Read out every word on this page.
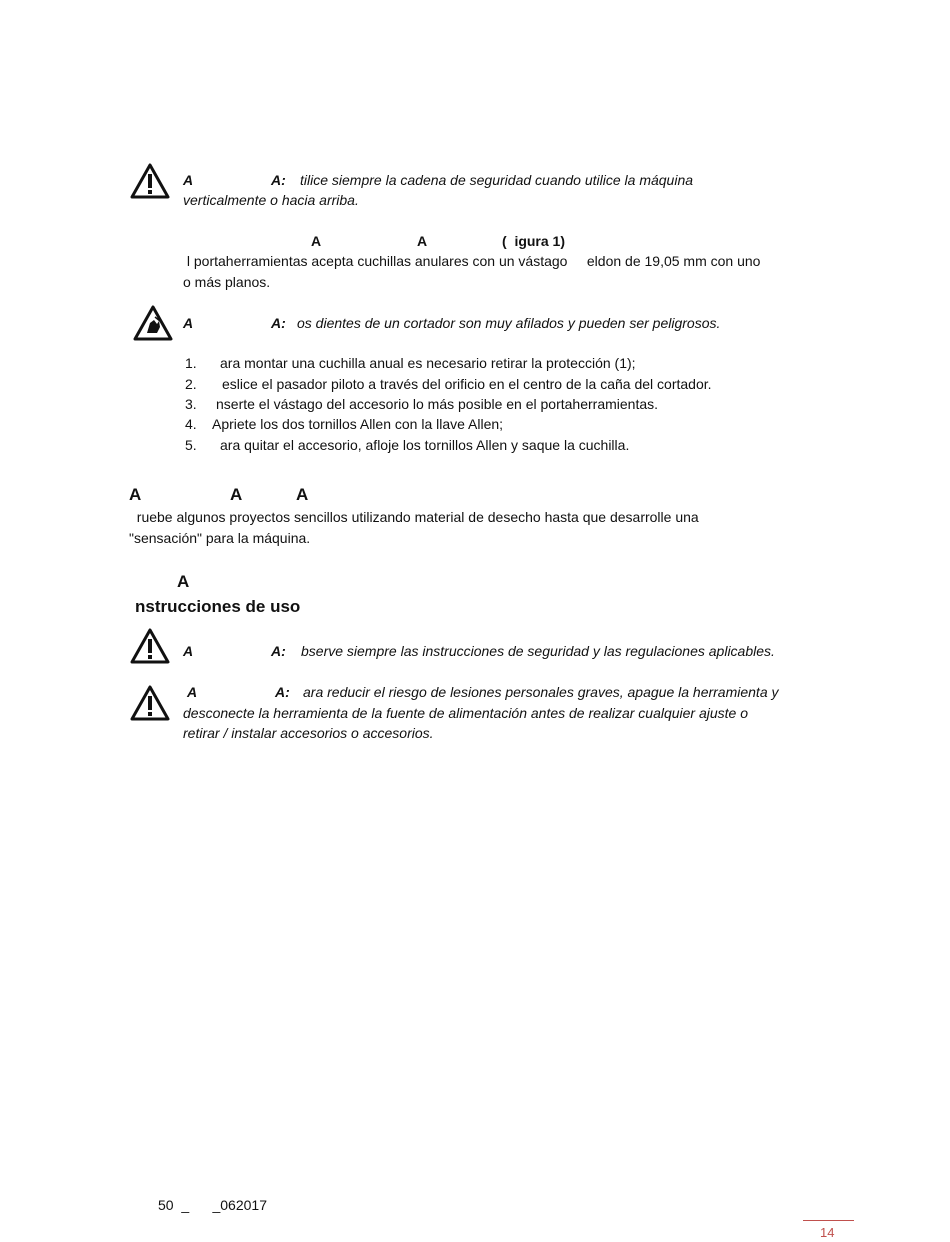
A	A: tilice siempre la cadena de seguridad cuando utilice la máquina
verticalmente o hacia arriba.
A	A	(  igura 1)
l portaherramientas acepta cuchillas anulares con un vástago     eldon de 19,05 mm con uno
o más planos.
A	A: os dientes de un cortador son muy afilados y pueden ser peligrosos.
1. ara montar una cuchilla anual es necesario retirar la protección (1);
2. eslice el pasador piloto a través del orificio en el centro de la caña del cortador.
3. nserte el vástago del accesorio lo más posible en el portaherramientas.
4. Apriete los dos tornillos Allen con la llave Allen;
5. ara quitar el accesorio, afloje los tornillos Allen y saque la cuchilla.
A	A	A
ruebe algunos proyectos sencillos utilizando material de desecho hasta que desarrolle una
"sensación" para la máquina.
A
nstrucciones de uso
A	A: bserve siempre las instrucciones de seguridad y las regulaciones aplicables.
A	A: ara reducir el riesgo de lesiones personales graves, apague la herramienta y
desconecte la herramienta de la fuente de alimentación antes de realizar cualquier ajuste o
retirar / instalar accesorios o accesorios.
50  _      _062017
14
